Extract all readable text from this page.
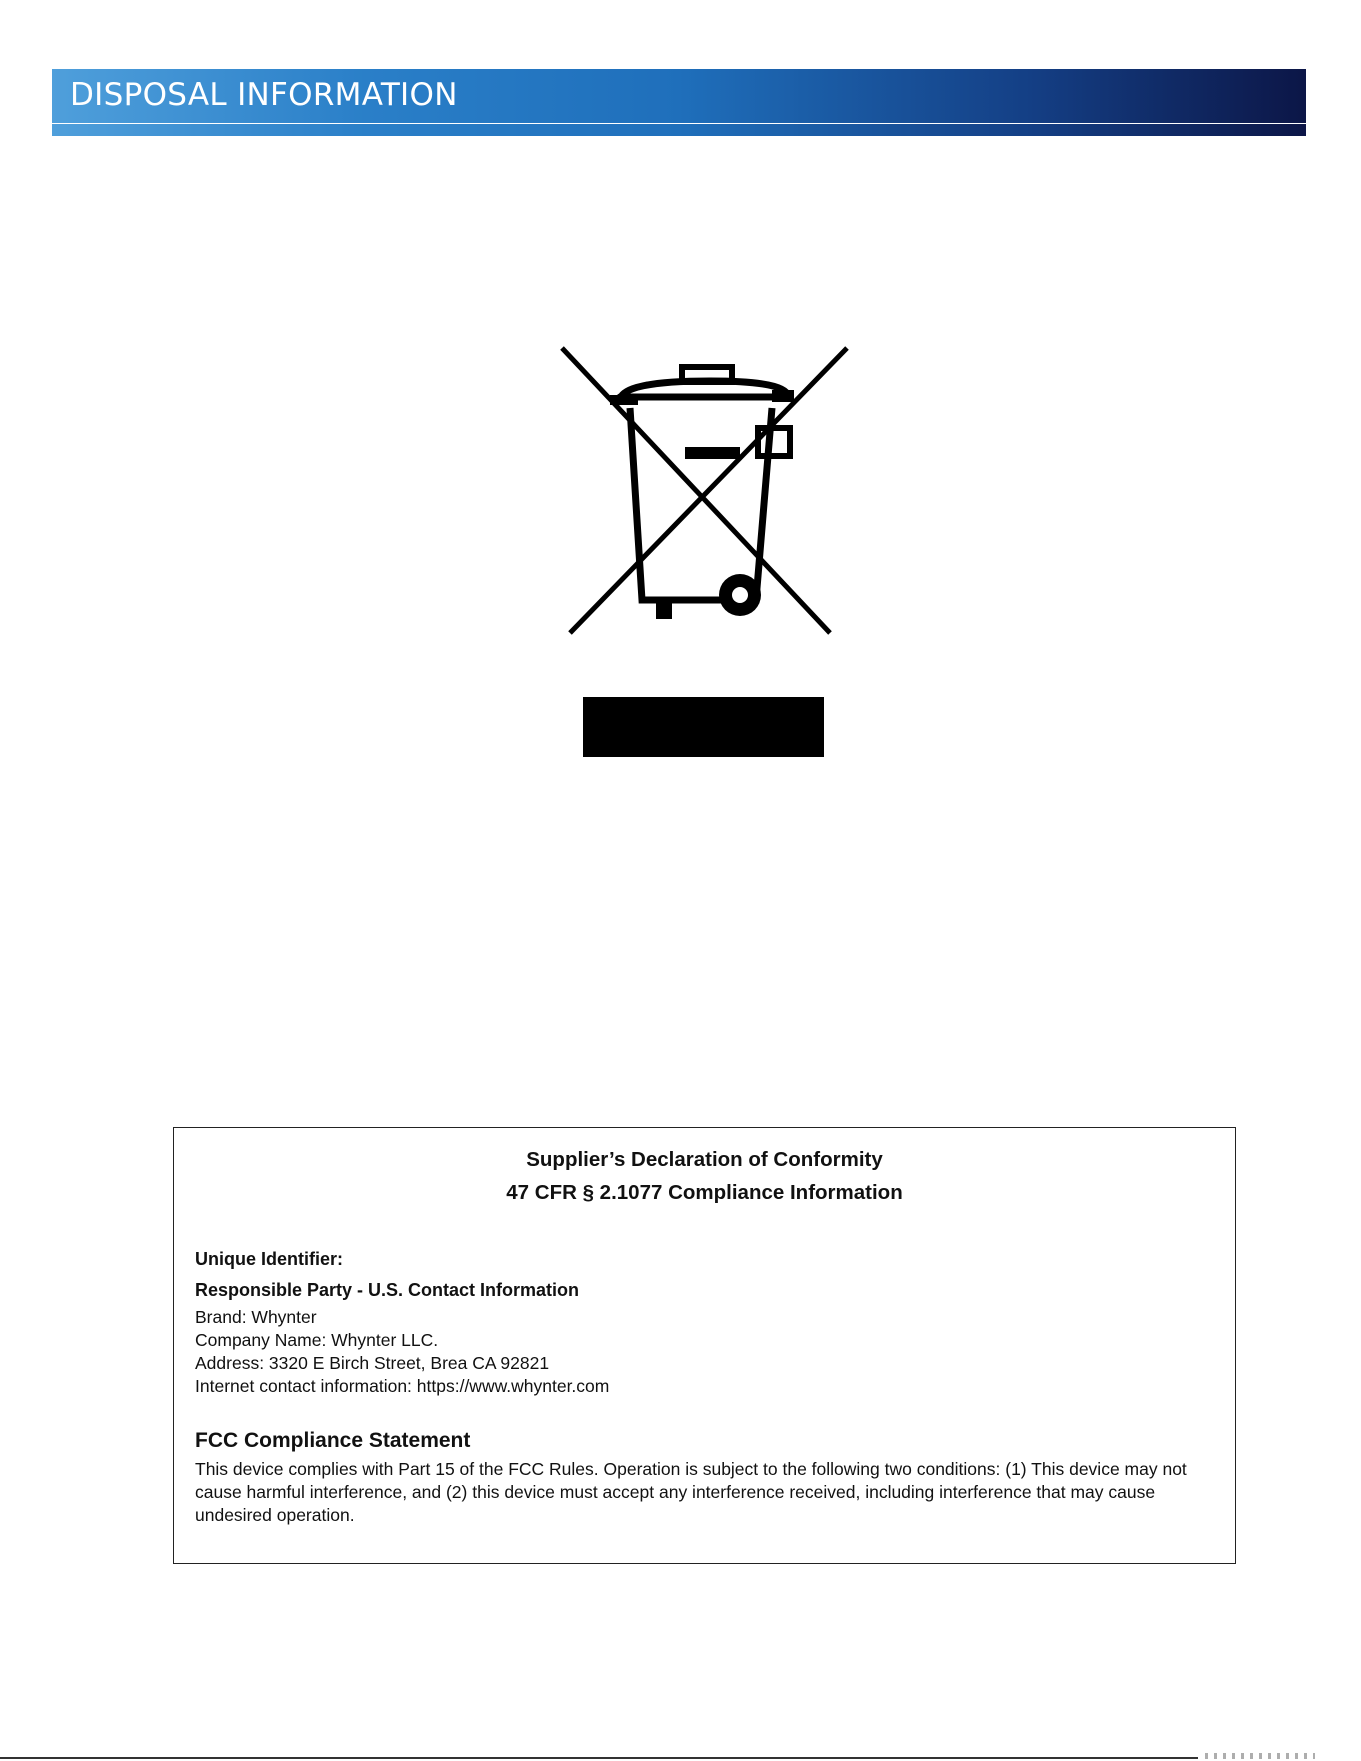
DISPOSAL INFORMATION
Supplier’s Declaration of Conformity
47 CFR § 2.1077 Compliance Information
Unique Identifier:
Responsible Party - U.S. Contact Information
Brand: Whynter
Company Name: Whynter LLC.
Address: 3320 E Birch Street, Brea CA 92821
Internet contact information: https://www.whynter.com
FCC Compliance Statement
This device complies with Part 15 of the FCC Rules. Operation is subject to the following two conditions: (1) This device may not cause harmful interference, and (2) this device must accept any interference received, including interference that may cause undesired operation.
